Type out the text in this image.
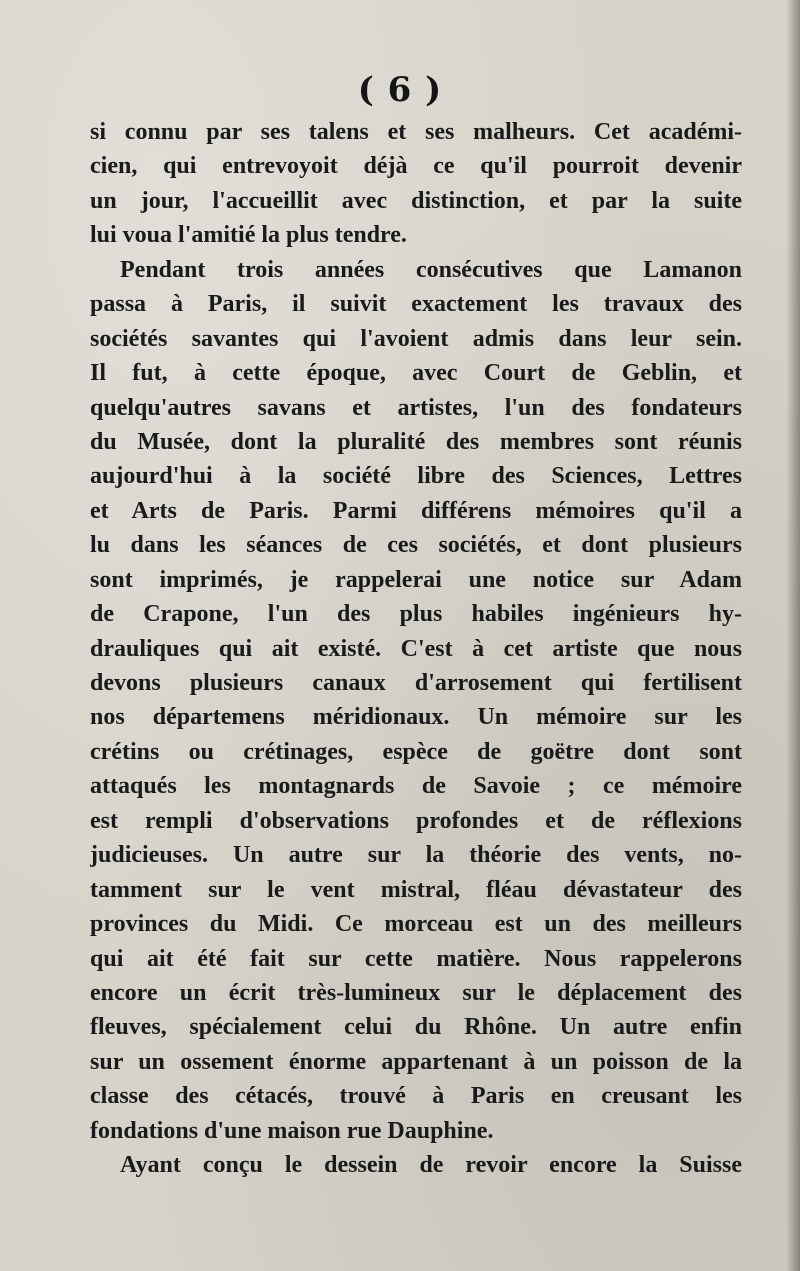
( 6 )
si connu par ses talens et ses malheurs. Cet académi-
cien, qui entrevoyoit déjà ce qu'il pourroit devenir
un jour, l'accueillit avec distinction, et par la suite
lui voua l'amitié la plus tendre.
Pendant trois années consécutives que Lamanon
passa à Paris, il suivit exactement les travaux des
sociétés savantes qui l'avoient admis dans leur sein.
Il fut, à cette époque, avec Court de Geblin, et
quelqu'autres savans et artistes, l'un des fondateurs
du Musée, dont la pluralité des membres sont réunis
aujourd'hui à la société libre des Sciences, Lettres
et Arts de Paris. Parmi différens mémoires qu'il a
lu dans les séances de ces sociétés, et dont plusieurs
sont imprimés, je rappelerai une notice sur Adam
de Crapone, l'un des plus habiles ingénieurs hy-
drauliques qui ait existé. C'est à cet artiste que nous
devons plusieurs canaux d'arrosement qui fertilisent
nos départemens méridionaux. Un mémoire sur les
crétins ou crétinages, espèce de goëtre dont sont
attaqués les montagnards de Savoie ; ce mémoire
est rempli d'observations profondes et de réflexions
judicieuses. Un autre sur la théorie des vents, no-
tamment sur le vent mistral, fléau dévastateur des
provinces du Midi. Ce morceau est un des meilleurs
qui ait été fait sur cette matière. Nous rappelerons
encore un écrit très-lumineux sur le déplacement des
fleuves, spécialement celui du Rhône. Un autre enfin
sur un ossement énorme appartenant à un poisson de la
classe des cétacés, trouvé à Paris en creusant les
fondations d'une maison rue Dauphine.
Ayant conçu le dessein de revoir encore la Suisse
